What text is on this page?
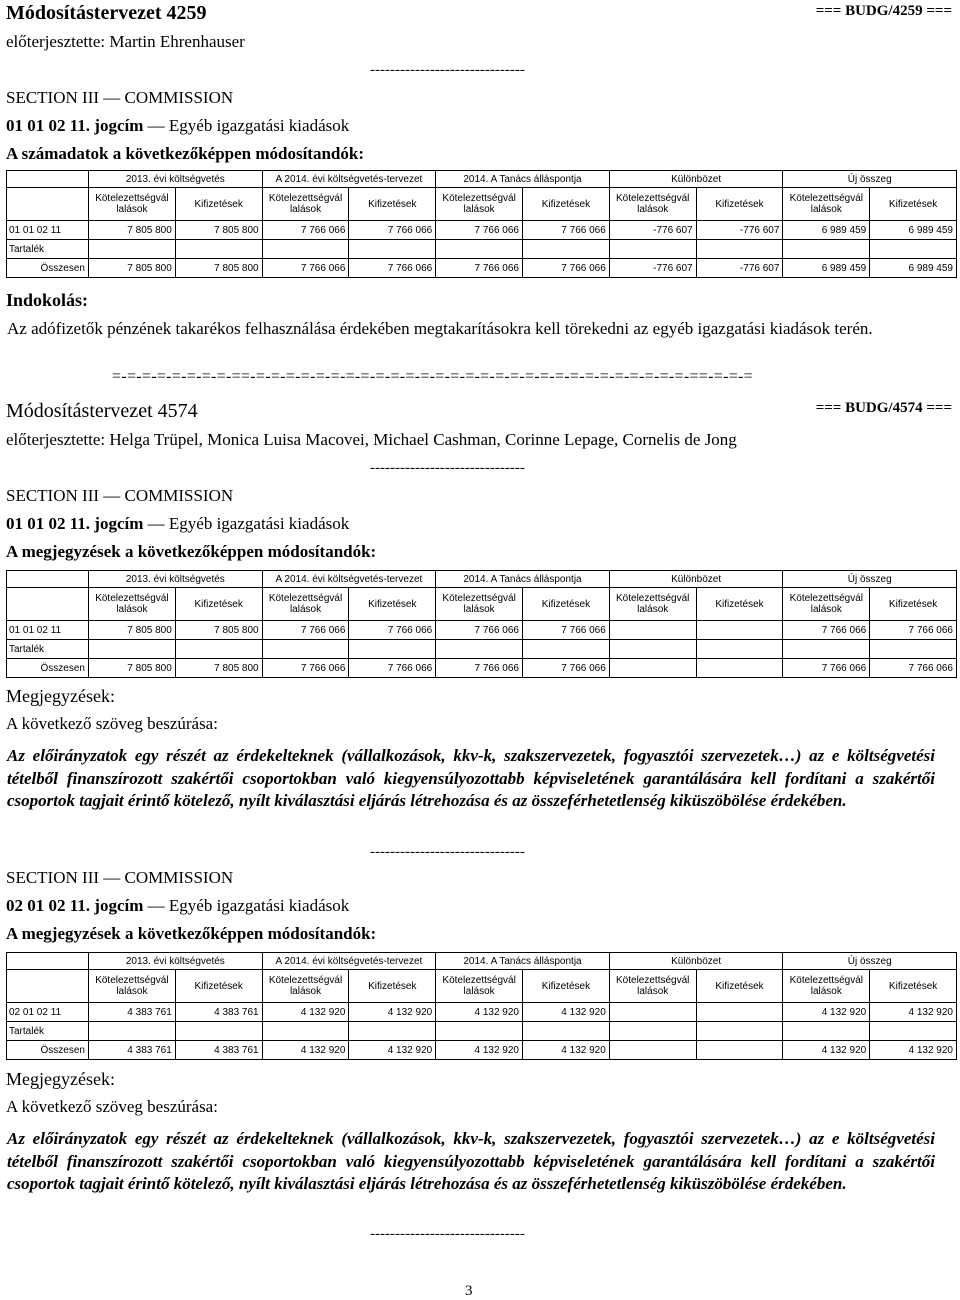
Módosítástervezet 4259	=== BUDG/4259 ===
előterjesztette: Martin Ehrenhauser
-------------------------------
SECTION III — COMMISSION
01 01 02 11. jogcím — Egyéb igazgatási kiadások
A számadatok a következőképpen módosítandók:
	2013. évi költségvetés		A 2014. évi költségvetés-tervezet		2014. A Tanács álláspontja		Különbözet		Új összeg	
	Kötelezettségvál lalások	Kifizetések	Kötelezettségvál lalások	Kifizetések	Kötelezettségvál lalások	Kifizetések	Kötelezettségvál lalások	Kifizetések	Kötelezettségvál lalások	Kifizetések
01 01 02 11	7 805 800	7 805 800	7 766 066	7 766 066	7 766 066	7 766 066	-776 607	-776 607	6 989 459	6 989 459
Tartalék										
Összesen	7 805 800	7 805 800	7 766 066	7 766 066	7 766 066	7 766 066	-776 607	-776 607	6 989 459	6 989 459
Indokolás:
Az adófizetők pénzének takarékos felhasználása érdekében megtakarításokra kell törekedni az egyéb igazgatási kiadások terén.
=-=-=-=-=-=-=-=-==-=-=-=-=-=-=-=-=-=-=-=-=-=-=-=-=-=-=-=-=-=-=-=-=-=-=-=-=-=-==-=-=-=
Módosítástervezet 4574	=== BUDG/4574 ===
előterjesztette: Helga Trüpel, Monica Luisa Macovei, Michael Cashman, Corinne Lepage, Cornelis de Jong
-------------------------------
SECTION III — COMMISSION
01 01 02 11. jogcím — Egyéb igazgatási kiadások
A megjegyzések a következőképpen módosítandók:
	2013. évi költségvetés		A 2014. évi költségvetés-tervezet		2014. A Tanács álláspontja		Különbözet		Új összeg	
	Kötelezettségvál lalások	Kifizetések	Kötelezettségvál lalások	Kifizetések	Kötelezettségvál lalások	Kifizetések	Kötelezettségvál lalások	Kifizetések	Kötelezettségvál lalások	Kifizetések
01 01 02 11	7 805 800	7 805 800	7 766 066	7 766 066	7 766 066	7 766 066			7 766 066	7 766 066
Tartalék										
Összesen	7 805 800	7 805 800	7 766 066	7 766 066	7 766 066	7 766 066			7 766 066	7 766 066
Megjegyzések:
A következő szöveg beszúrása:
Az előirányzatok egy részét az érdekelteknek (vállalkozások, kkv-k, szakszervezetek, fogyasztói szervezetek…) az e költségvetési tételből finanszírozott szakértői csoportokban való kiegyensúlyozottabb képviseletének garantálására kell fordítani a szakértői csoportok tagjait érintő kötelező, nyílt kiválasztási eljárás létrehozása és az összeférhetetlenség kiküszöbölése érdekében.
-------------------------------
SECTION III — COMMISSION
02 01 02 11. jogcím — Egyéb igazgatási kiadások
A megjegyzések a következőképpen módosítandók:
	2013. évi költségvetés		A 2014. évi költségvetés-tervezet		2014. A Tanács álláspontja		Különbözet		Új összeg	
	Kötelezettségvál lalások	Kifizetések	Kötelezettségvál lalások	Kifizetések	Kötelezettségvál lalások	Kifizetések	Kötelezettségvál lalások	Kifizetések	Kötelezettségvál lalások	Kifizetések
02 01 02 11	4 383 761	4 383 761	4 132 920	4 132 920	4 132 920	4 132 920			4 132 920	4 132 920
Tartalék										
Összesen	4 383 761	4 383 761	4 132 920	4 132 920	4 132 920	4 132 920			4 132 920	4 132 920
Megjegyzések:
A következő szöveg beszúrása:
Az előirányzatok egy részét az érdekelteknek (vállalkozások, kkv-k, szakszervezetek, fogyasztói szervezetek…) az e költségvetési tételből finanszírozott szakértői csoportokban való kiegyensúlyozottabb képviseletének garantálására kell fordítani a szakértői csoportok tagjait érintő kötelező, nyílt kiválasztási eljárás létrehozása és az összeférhetetlenség kiküszöbölése érdekében.
-------------------------------
3
